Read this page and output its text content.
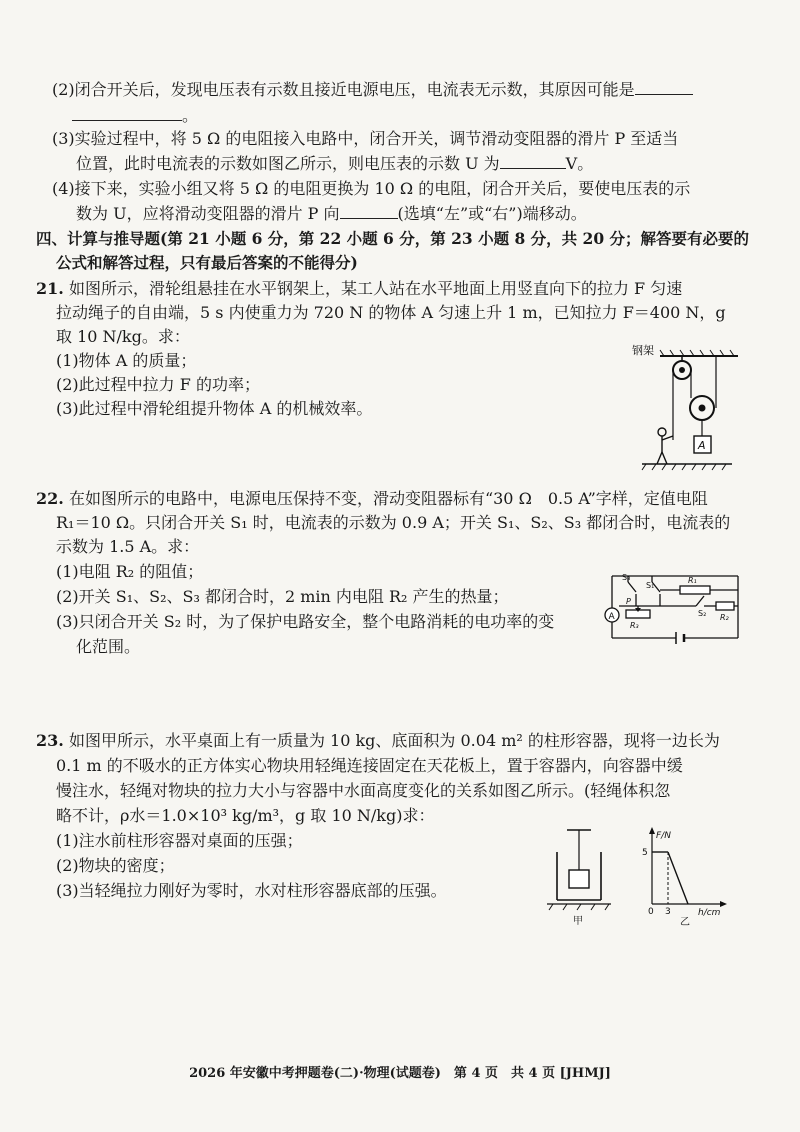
(2)闭合开关后，发现电压表有示数且接近电源电压，电流表无示数，其原因可能是
。
(3)实验过程中，将 5 Ω 的电阻接入电路中，闭合开关，调节滑动变阻器的滑片 P 至适当
位置，此时电流表的示数如图乙所示，则电压表的示数 U 为	V。
(4)接下来，实验小组又将 5 Ω 的电阻更换为 10 Ω 的电阻，闭合开关后，要使电压表的示
数为 U，应将滑动变阻器的滑片 P 向	(选填“左”或“右”)端移动。
四、计算与推导题(第 21 小题 6 分，第 22 小题 6 分，第 23 小题 8 分，共 20 分；解答要有必要的
公式和解答过程，只有最后答案的不能得分)
21. 如图所示，滑轮组悬挂在水平钢架上，某工人站在水平地面上用竖直向下的拉力 F 匀速
拉动绳子的自由端，5 s 内使重力为 720 N 的物体 A 匀速上升 1 m，已知拉力 F＝400 N，g
取 10 N/kg。求：
(1)物体 A 的质量；
(2)此过程中拉力 F 的功率；
(3)此过程中滑轮组提升物体 A 的机械效率。
钢架
A
22. 在如图所示的电路中，电源电压保持不变，滑动变阻器标有“30 Ω　0.5 A”字样，定值电阻
R₁＝10 Ω。只闭合开关 S₁ 时，电流表的示数为 0.9 A；开关 S₁、S₂、S₃ 都闭合时，电流表的
示数为 1.5 A。求：
(1)电阻 R₂ 的阻值；
(2)开关 S₁、S₂、S₃ 都闭合时，2 min 内电阻 R₂ 产生的热量；
(3)只闭合开关 S₂ 时，为了保护电路安全，整个电路消耗的电功率的变
化范围。
A
S₃
S₁
R₁
P
R₃
S₂ R₂
23. 如图甲所示，水平桌面上有一质量为 10 kg、底面积为 0.04 m² 的柱形容器，现将一边长为
0.1 m 的不吸水的正方体实心物块用轻绳连接固定在天花板上，置于容器内，向容器中缓
慢注水，轻绳对物块的拉力大小与容器中水面高度变化的关系如图乙所示。(轻绳体积忽
略不计，ρ水＝1.0×10³ kg/m³，g 取 10 N/kg)求：
(1)注水前柱形容器对桌面的压强；
(2)物块的密度；
(3)当轻绳拉力刚好为零时，水对柱形容器底部的压强。
甲
F/N
5
0 3	h/cm
乙
2026 年安徽中考押题卷(二)·物理(试题卷)　第 4 页　共 4 页 [JHMJ]
